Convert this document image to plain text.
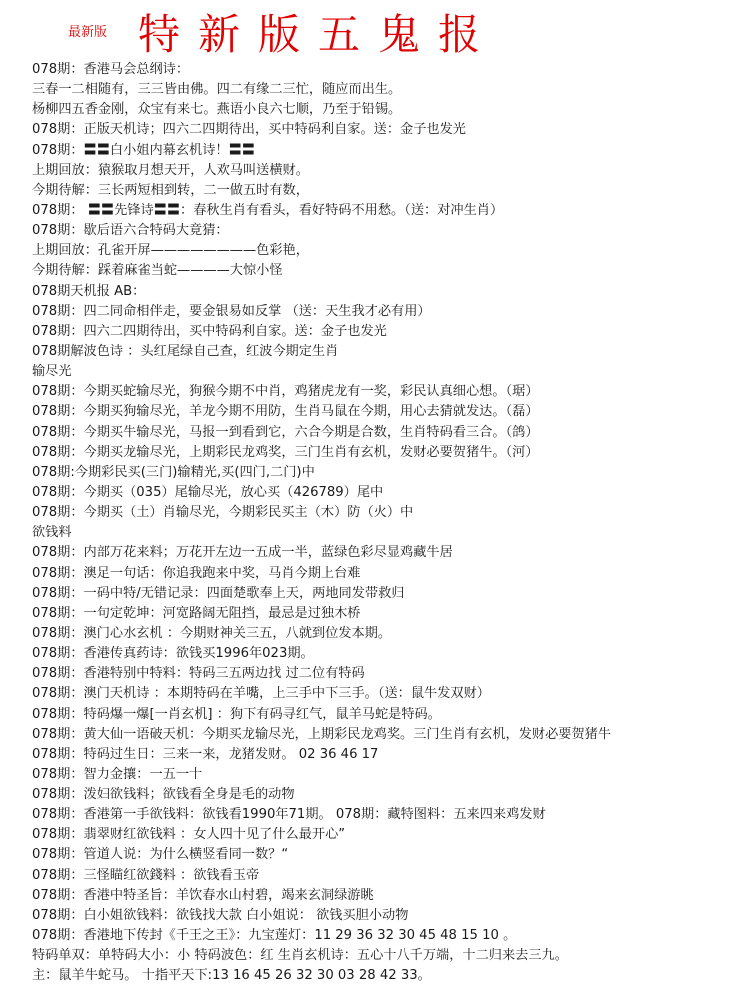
最新版 特新版五鬼报
078期：香港马会总纲诗：
三春一二相随有，三三皆由佛。四二有缘二三忙，随应而出生。
杨柳四五香金刚，众宝有来七。燕语小良六七顺，乃至于铅锡。
078期：正版天机诗；四六二四期待出，买中特码利自家。送：金子也发光
078期：〓〓白小姐内幕玄机诗！〓〓
上期回放：猿猴取月想天开，人欢马叫送横财。
今期待解：三长两短相到转，二一做五时有数，
078期： 〓〓先锋诗〓〓：春秋生肖有看头，看好特码不用愁。（送：对冲生肖）
078期：歇后语六合特码大竟猜：
上期回放：孔雀开屏————————色彩艳，
今期待解：踩着麻雀当蛇————大惊小怪
078期天机报 AB：
078期：四二同命相伴走，要金银易如反掌 （送：天生我才必有用）
078期：四六二四期待出，买中特码利自家。送：金子也发光
078期解波色诗 ：头红尾绿自己查，红波今期定生肖
输尽光
078期：今期买蛇输尽光，狗猴今期不中肖，鸡猪虎龙有一奖，彩民认真细心想。（琚）
078期：今期买狗输尽光，羊龙今期不用防，生肖马鼠在今期，用心去猜就发达。（磊）
078期：今期买牛输尽光，马报一到看到它，六合今期是合数，生肖特码看三合。（鸽）
078期：今期买龙输尽光，上期彩民龙鸡奖，三门生肖有玄机，发财必要贺猪牛。（河）
078期:今期彩民买(三门)输精光,买(四门,二门)中
078期：今期买（035）尾输尽光，放心买（426789）尾中
078期：今期买（土）肖输尽光，今期彩民买主（木）防（火）中
欲钱料
078期：内部万花来料；万花开左边一五成一半，蓝绿色彩尽显鸡藏牛居
078期：澳足一句话：你追我跑来中奖，马肖今期上台难
078期：一码中特/无错记录：四面楚歌奉上天，两地同发带救归
078期：一句定乾坤：河宽路阔无阻挡，最忌是过独木桥
078期：澳门心水玄机 ：今期财神关三五，八就到位发本期。
078期：香港传真药诗：欲钱买1996年023期。
078期：香港特别中特料：特码三五两边找 过二位有特码
078期：澳门天机诗 ：本期特码在羊嘴，上三手中下三手。（送：鼠牛发双财）
078期：特码爆一爆[一肖玄机] ：狗下有码寻红气，鼠羊马蛇是特码。
078期：黄大仙一语破天机：今期买龙输尽光，上期彩民龙鸡奖。三门生肖有玄机，发财必要贺猪牛
078期：特码过生日：三来一来，龙猪发财。 02 36 46 17
078期：智力金攘：一五一十
078期：泼妇欲钱料；欲钱看全身是毛的动物
078期：香港第一手欲钱料：欲钱看1990年71期。 078期：藏特图料：五来四来鸡发财
078期：翡翠财红欲钱料 ：女人四十见了什么最开心”
078期：管道人说：为什么横竖看同一数？“
078期：三怪瞄红欲錢料 ：欲钱看玉帝
078期：香港中特圣旨：羊饮春水山村碧，竭来玄洞绿游眺
078期：白小姐欲钱料：欲钱找大款 白小姐说： 欲钱买胆小动物
078期：香港地下传封《千王之王》：九宝莲灯：11 29 36 32 30 45 48 15 10 。
特码单双：单特码大小：小 特码波色：红 生肖玄机诗：五心十八千万端，十二归来去三九。
主：鼠羊牛蛇马。 十指平天下:13 16 45 26 32 30 03 28 42 33。
